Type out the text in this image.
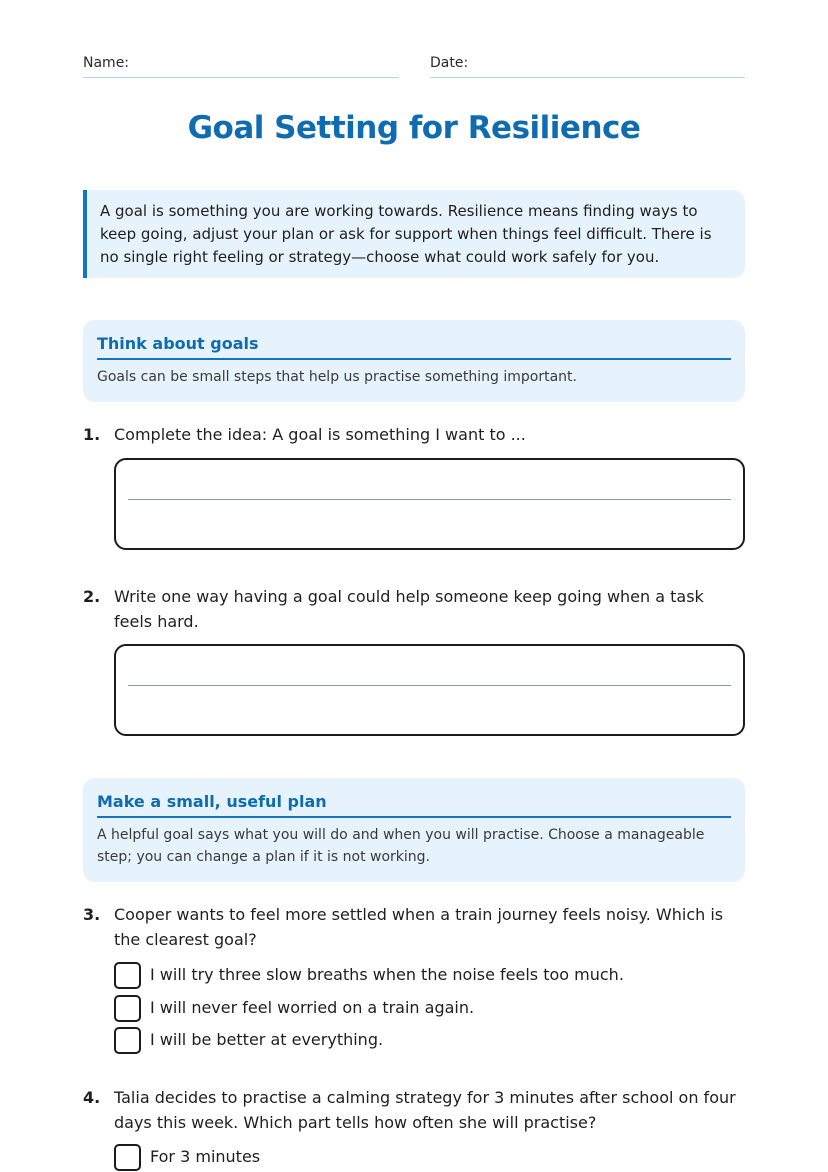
Name:	Date:
Goal Setting for Resilience
A goal is something you are working towards. Resilience means finding ways to keep going, adjust your plan or ask for support when things feel difficult. There is no single right feeling or strategy—choose what could work safely for you.
Think about goals

Goals can be small steps that help us practise something important.

1. Complete the idea: A goal is something I want to ...
2. Write one way having a goal could help someone keep going when a task feels hard.
Make a small, useful plan

A helpful goal says what you will do and when you will practise. Choose a manageable step; you can change a plan if it is not working.

3. Cooper wants to feel more settled when a train journey feels noisy. Which is the clearest goal?
I will try three slow breaths when the noise feels too much.
I will never feel worried on a train again.
I will be better at everything.
4. Talia decides to practise a calming strategy for 3 minutes after school on four days this week. Which part tells how often she will practise?
For 3 minutes
